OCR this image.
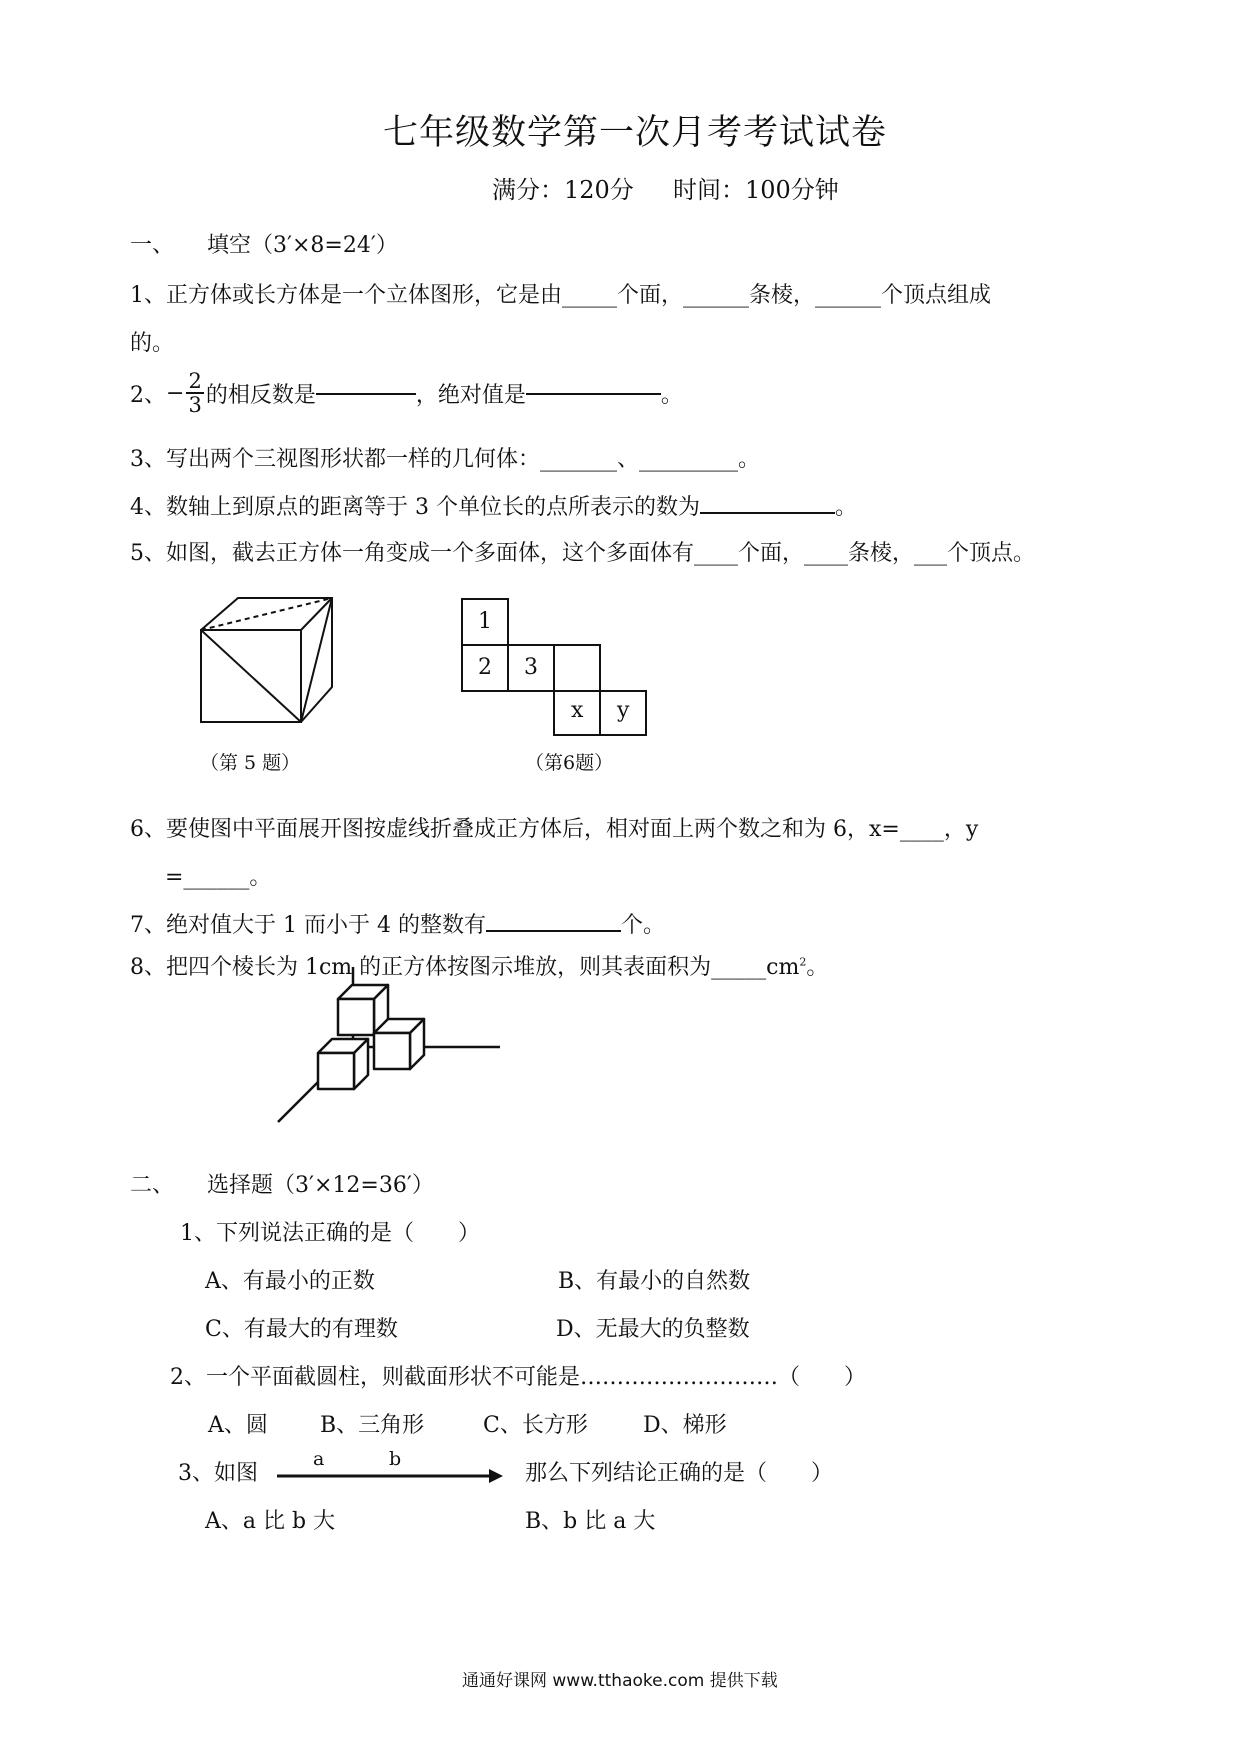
七年级数学第一次月考考试试卷
满分：120分 时间：100分钟
一、　　填空（3′×8=24′）
1、正方体或长方体是一个立体图形，它是由_____个面，______条棱，______个顶点组成
的。
2、 − $\frac{2}{3}$ 的相反数是	，绝对值是	。
3、写出两个三视图形状都一样的几何体：_______、_________。
4、数轴上到原点的距离等于 3 个单位长的点所表示的数为	。
5、如图，截去正方体一角变成一个多面体，这个多面体有____个面，____条棱，___个顶点。
（第 5 题）
1
2 3
x y
（第6题）
6、要使图中平面展开图按虚线折叠成正方体后，相对面上两个数之和为 6，x=____，y
=______。
7、绝对值大于 1 而小于 4 的整数有	个。
8、把四个棱长为 1cm 的正方体按图示堆放，则其表面积为$\_\_\_\_\_cm^2$。
二、　　选择题（3′×12=36′）
1、下列说法正确的是（　　）
A、有最小的正数	B、有最小的自然数
C、有最大的有理数	D、无最大的负整数
2、一个平面截圆柱，则截面形状不可能是………………………（　　）
A、圆 B、三角形	C、长方形	D、梯形
3、如图
a	b
那么下列结论正确的是（　　）
A、a 比 b 大	B、b 比 a 大
通通好课网 www.tthaoke.com 提供下载
